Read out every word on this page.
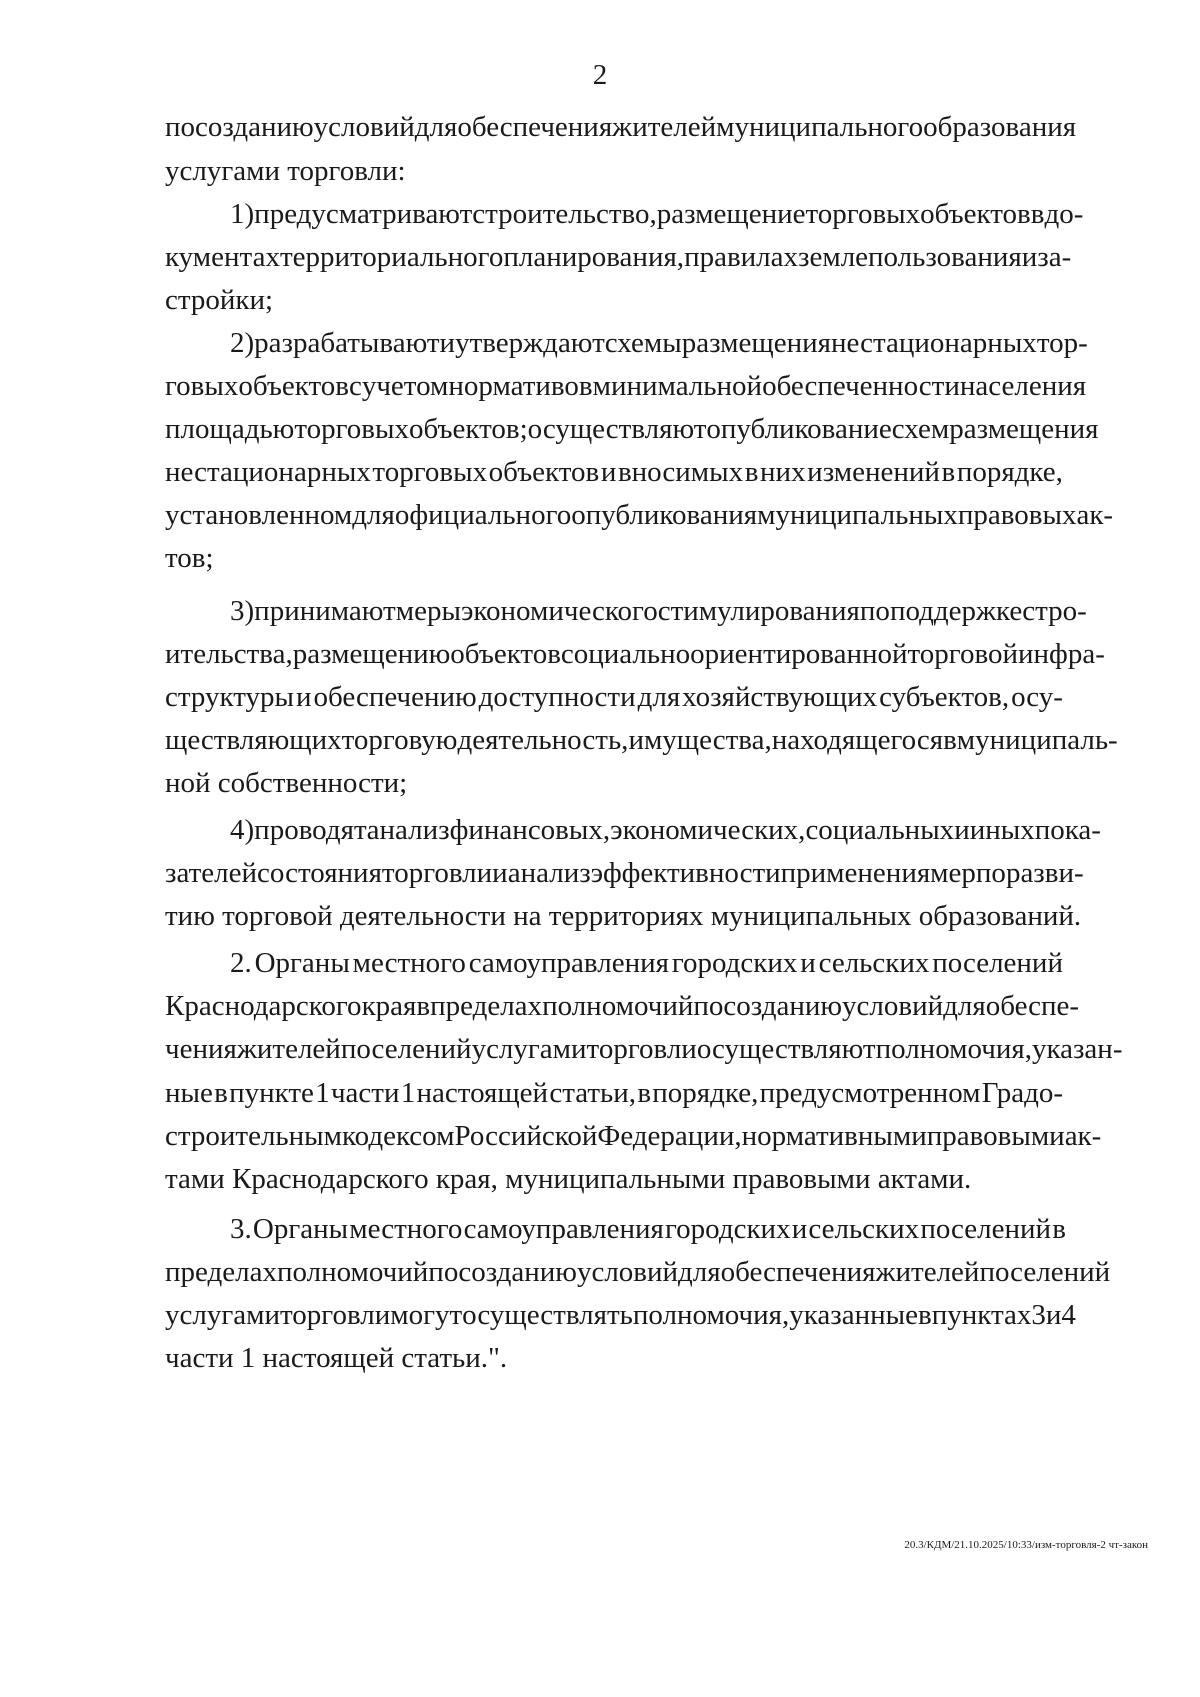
2
по созданию условий для обеспечения жителей муниципального образования
услугами торговли:
1) предусматривают строительство, размещение торговых объектов в до-
кументах территориального планирования, правилах землепользования и за-
стройки;
2) разрабатывают и утверждают схемы размещения нестационарных тор-
говых объектов с учетом нормативов минимальной обеспеченности населения
площадью торговых объектов; осуществляют опубликование схем размещения
нестационарных торговых объектов и вносимых в них изменений в порядке,
установленном для официального опубликования муниципальных правовых ак-
тов;
3) принимают меры экономического стимулирования по поддержке стро-
ительства, размещению объектов социально ориентированной торговой инфра-
структуры и обеспечению доступности для хозяйствующих субъектов, осу-
ществляющих торговую деятельность, имущества, находящегося в муниципаль-
ной собственности;
4) проводят анализ финансовых, экономических, социальных и иных пока-
зателей состояния торговли и анализ эффективности применения мер по разви-
тию торговой деятельности на территориях муниципальных образований.
2. Органы местного самоуправления городских и сельских поселений
Краснодарского края в пределах полномочий по созданию условий для обеспе-
чения жителей поселений услугами торговли осуществляют полномочия, указан-
ные в пункте 1 части 1 настоящей статьи, в порядке, предусмотренном Градо-
строительным кодексом Российской Федерации, нормативными правовыми ак-
тами Краснодарского края, муниципальными правовыми актами.
3. Органы местного самоуправления городских и сельских поселений в
пределах полномочий по созданию условий для обеспечения жителей поселений
услугами торговли могут осуществлять полномочия, указанные в пунктах 3 и 4
части 1 настоящей статьи.".
20.3/КДМ/21.10.2025/10:33/изм-торговля-2 чт-закон
